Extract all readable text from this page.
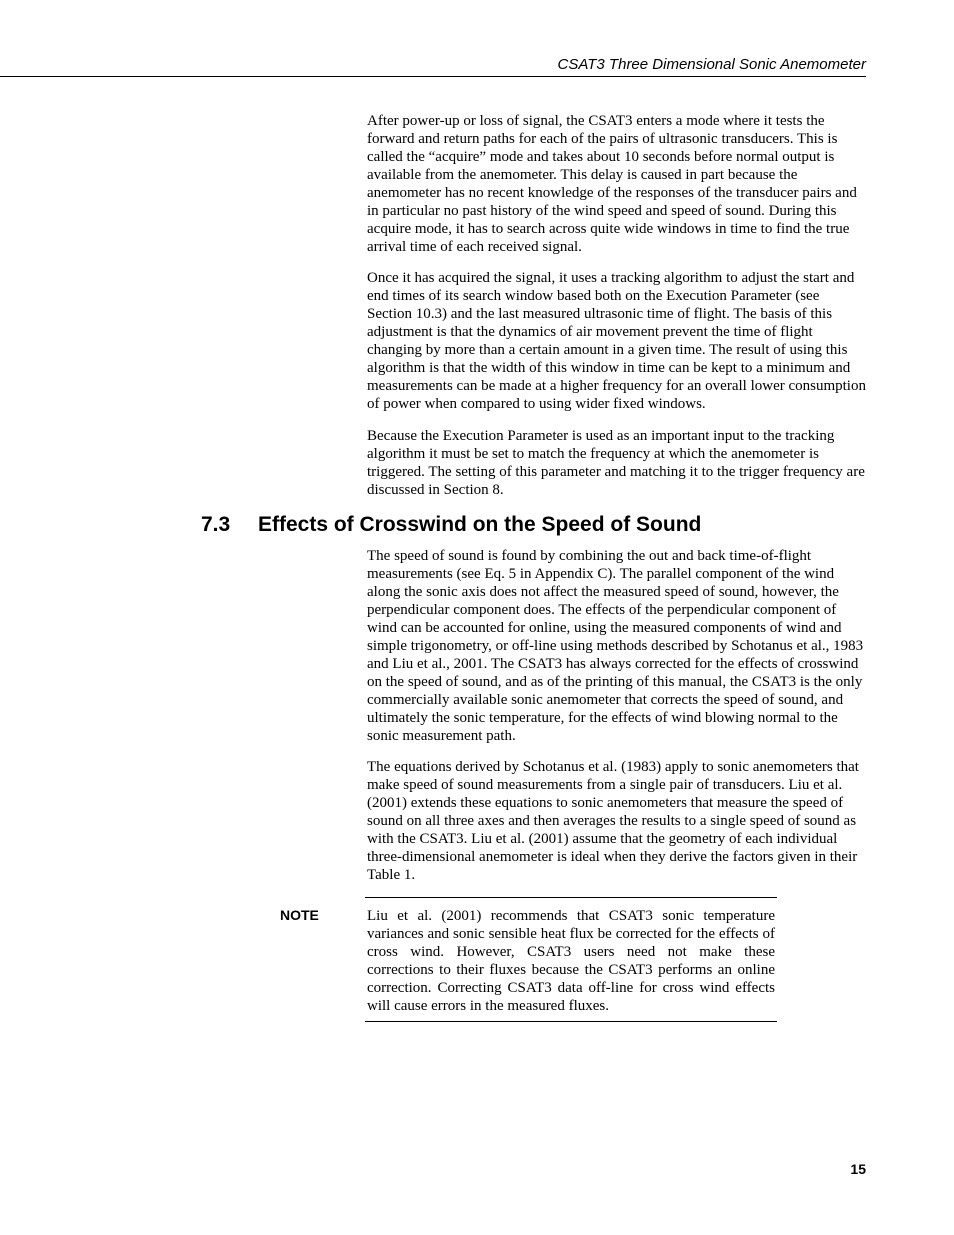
CSAT3 Three Dimensional Sonic Anemometer

After power-up or loss of signal, the CSAT3 enters a mode where it tests the forward and return paths for each of the pairs of ultrasonic transducers. This is called the “acquire” mode and takes about 10 seconds before normal output is available from the anemometer. This delay is caused in part because the anemometer has no recent knowledge of the responses of the transducer pairs and in particular no past history of the wind speed and speed of sound. During this acquire mode, it has to search across quite wide windows in time to find the true arrival time of each received signal.

Once it has acquired the signal, it uses a tracking algorithm to adjust the start and end times of its search window based both on the Execution Parameter (see Section 10.3) and the last measured ultrasonic time of flight. The basis of this adjustment is that the dynamics of air movement prevent the time of flight changing by more than a certain amount in a given time. The result of using this algorithm is that the width of this window in time can be kept to a minimum and measurements can be made at a higher frequency for an overall lower consumption of power when compared to using wider fixed windows.

Because the Execution Parameter is used as an important input to the tracking algorithm it must be set to match the frequency at which the anemometer is triggered. The setting of this parameter and matching it to the trigger frequency are discussed in Section 8.

7.3 Effects of Crosswind on the Speed of Sound

The speed of sound is found by combining the out and back time-of-flight measurements (see Eq. 5 in Appendix C). The parallel component of the wind along the sonic axis does not affect the measured speed of sound, however, the perpendicular component does. The effects of the perpendicular component of wind can be accounted for online, using the measured components of wind and simple trigonometry, or off-line using methods described by Schotanus et al., 1983 and Liu et al., 2001. The CSAT3 has always corrected for the effects of crosswind on the speed of sound, and as of the printing of this manual, the CSAT3 is the only commercially available sonic anemometer that corrects the speed of sound, and ultimately the sonic temperature, for the effects of wind blowing normal to the sonic measurement path.

The equations derived by Schotanus et al. (1983) apply to sonic anemometers that make speed of sound measurements from a single pair of transducers. Liu et al. (2001) extends these equations to sonic anemometers that measure the speed of sound on all three axes and then averages the results to a single speed of sound as with the CSAT3. Liu et al. (2001) assume that the geometry of each individual three-dimensional anemometer is ideal when they derive the factors given in their Table 1.

NOTE	Liu et al. (2001) recommends that CSAT3 sonic temperature variances and sonic sensible heat flux be corrected for the effects of cross wind. However, CSAT3 users need not make these corrections to their fluxes because the CSAT3 performs an online correction. Correcting CSAT3 data off-line for cross wind effects will cause errors in the measured fluxes.
15
